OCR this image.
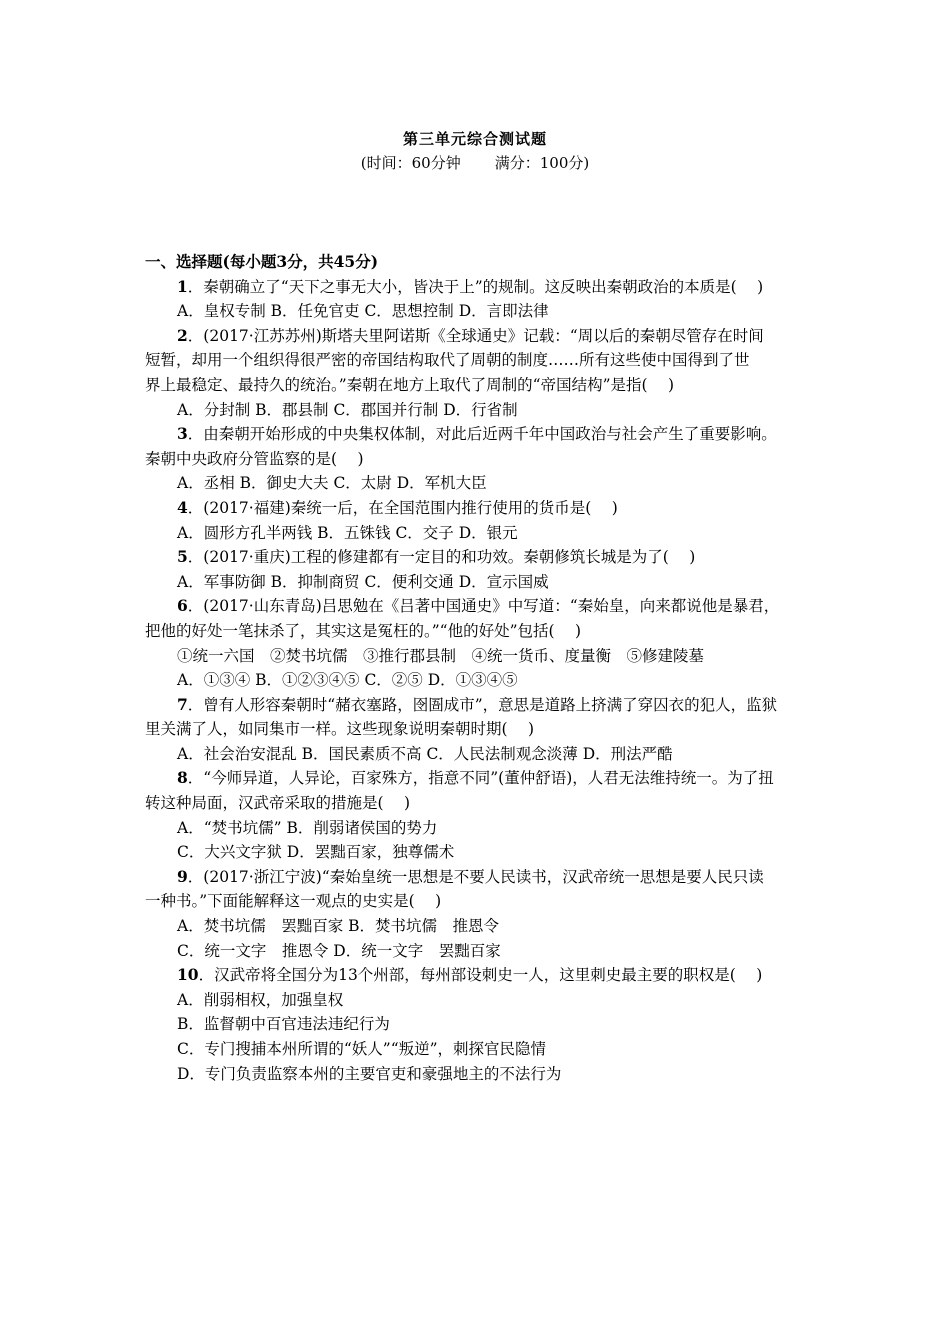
第三单元综合测试题
(时间：60分钟 满分：100分)
一、选择题(每小题3分，共45分)
1．秦朝确立了“天下之事无大小，皆决于上”的规制。这反映出秦朝政治的本质是(　 )
A．皇权专制 B．任免官吏 C．思想控制 D．言即法律
2．(2017·江苏苏州)斯塔夫里阿诺斯《全球通史》记载：“周以后的秦朝尽管存在时间
短暂，却用一个组织得很严密的帝国结构取代了周朝的制度……所有这些使中国得到了世
界上最稳定、最持久的统治。”秦朝在地方上取代了周制的“帝国结构”是指(　 )
A．分封制 B．郡县制 C．郡国并行制 D．行省制
3．由秦朝开始形成的中央集权体制，对此后近两千年中国政治与社会产生了重要影响。
秦朝中央政府分管监察的是(　 )
A．丞相 B．御史大夫 C．太尉 D．军机大臣
4．(2017·福建)秦统一后，在全国范围内推行使用的货币是(　 )
A．圆形方孔半两钱 B．五铢钱 C．交子 D．银元
5．(2017·重庆)工程的修建都有一定目的和功效。秦朝修筑长城是为了(　 )
A．军事防御 B．抑制商贸 C．便利交通 D．宣示国威
6．(2017·山东青岛)吕思勉在《吕著中国通史》中写道：“秦始皇，向来都说他是暴君，
把他的好处一笔抹杀了，其实这是冤枉的。”“他的好处”包括(　 )
①统一六国　②焚书坑儒　③推行郡县制　④统一货币、度量衡　⑤修建陵墓
A．①③④ B．①②③④⑤ C．②⑤ D．①③④⑤
7．曾有人形容秦朝时“赭衣塞路，囹圄成市”，意思是道路上挤满了穿囚衣的犯人，监狱
里关满了人，如同集市一样。这些现象说明秦朝时期(　 )
A．社会治安混乱 B．国民素质不高 C．人民法制观念淡薄 D．刑法严酷
8．“今师异道，人异论，百家殊方，指意不同”(董仲舒语)，人君无法维持统一。为了扭
转这种局面，汉武帝采取的措施是(　 )
A．“焚书坑儒” B．削弱诸侯国的势力
C．大兴文字狱 D．罢黜百家，独尊儒术
9．(2017·浙江宁波)“秦始皇统一思想是不要人民读书，汉武帝统一思想是要人民只读
一种书。”下面能解释这一观点的史实是(　 )
A．焚书坑儒　罢黜百家 B．焚书坑儒　推恩令
C．统一文字　推恩令 D．统一文字　罢黜百家
10．汉武帝将全国分为13个州部，每州部设刺史一人，这里刺史最主要的职权是(　 )
A．削弱相权，加强皇权
B．监督朝中百官违法违纪行为
C．专门搜捕本州所谓的“妖人”“叛逆”，刺探官民隐情
D．专门负责监察本州的主要官吏和豪强地主的不法行为
